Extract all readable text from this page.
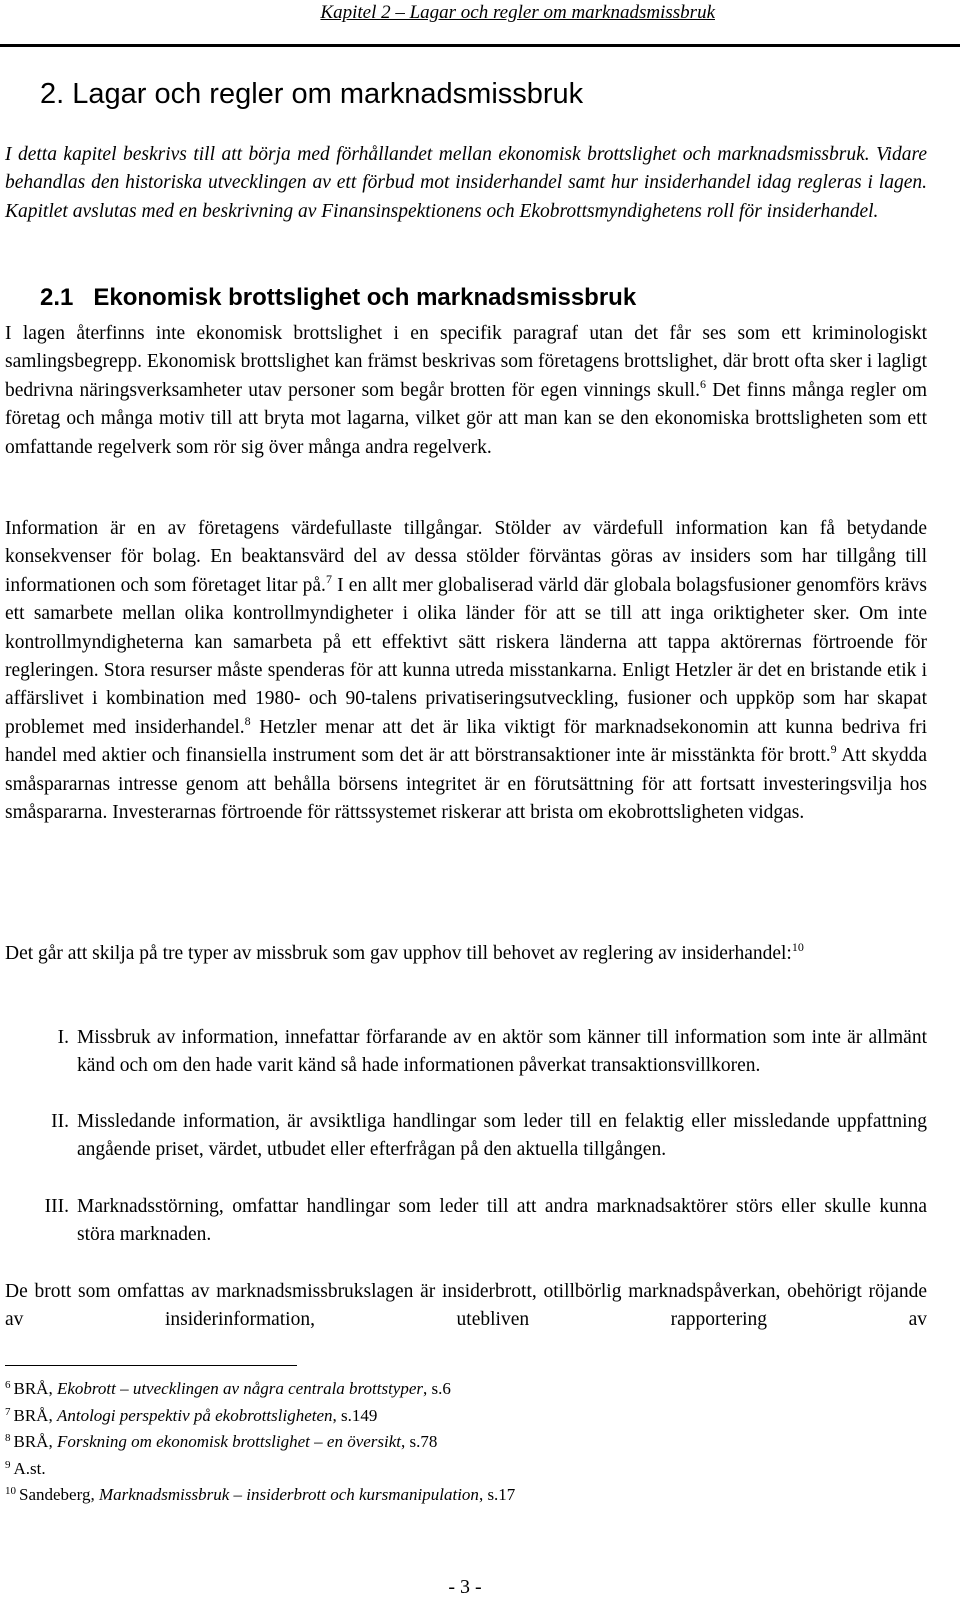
Kapitel 2 – Lagar och regler om marknadsmissbruk
2. Lagar och regler om marknadsmissbruk
I detta kapitel beskrivs till att börja med förhållandet mellan ekonomisk brottslighet och marknadsmissbruk. Vidare behandlas den historiska utvecklingen av ett förbud mot insiderhandel samt hur insiderhandel idag regleras i lagen. Kapitlet avslutas med en beskrivning av Finansinspektionens och Ekobrottsmyndighetens roll för insiderhandel.
2.1 Ekonomisk brottslighet och marknadsmissbruk
I lagen återfinns inte ekonomisk brottslighet i en specifik paragraf utan det får ses som ett kriminologiskt samlingsbegrepp. Ekonomisk brottslighet kan främst beskrivas som företagens brottslighet, där brott ofta sker i lagligt bedrivna näringsverksamheter utav personer som begår brotten för egen vinnings skull.$^6$ Det finns många regler om företag och många motiv till att bryta mot lagarna, vilket gör att man kan se den ekonomiska brottsligheten som ett omfattande regelverk som rör sig över många andra regelverk.
Information är en av företagens värdefullaste tillgångar. Stölder av värdefull information kan få betydande konsekvenser för bolag. En beaktansvärd del av dessa stölder förväntas göras av insiders som har tillgång till informationen och som företaget litar på.$^7$ I en allt mer globaliserad värld där globala bolagsfusioner genomförs krävs ett samarbete mellan olika kontrollmyndigheter i olika länder för att se till att inga oriktigheter sker. Om inte kontrollmyndigheterna kan samarbeta på ett effektivt sätt riskera länderna att tappa aktörernas förtroende för regleringen. Stora resurser måste spenderas för att kunna utreda misstankarna. Enligt Hetzler är det en bristande etik i affärslivet i kombination med 1980- och 90-talens privatiseringsutveckling, fusioner och uppköp som har skapat problemet med insiderhandel.$^8$ Hetzler menar att det är lika viktigt för marknadsekonomin att kunna bedriva fri handel med aktier och finansiella instrument som det är att börstransaktioner inte är misstänkta för brott.$^9$ Att skydda småspararnas intresse genom att behålla börsens integritet är en förutsättning för att fortsatt investeringsvilja hos småspararna. Investerarnas förtroende för rättssystemet riskerar att brista om ekobrottsligheten vidgas.
Det går att skilja på tre typer av missbruk som gav upphov till behovet av reglering av insiderhandel:$^{10}$
I. Missbruk av information, innefattar förfarande av en aktör som känner till information som inte är allmänt känd och om den hade varit känd så hade informationen påverkat transaktionsvillkoren.
II. Missledande information, är avsiktliga handlingar som leder till en felaktig eller missledande uppfattning angående priset, värdet, utbudet eller efterfrågan på den aktuella tillgången.
III. Marknadsstörning, omfattar handlingar som leder till att andra marknadsaktörer störs eller skulle kunna störa marknaden.
De brott som omfattas av marknadsmissbrukslagen är insiderbrott, otillbörlig marknadspåverkan, obehörigt röjande av insiderinformation, utebliven rapportering av
$^6$ BRÅ, Ekobrott – utvecklingen av några centrala brottstyper, s.6
$^7$ BRÅ, Antologi perspektiv på ekobrottsligheten, s.149
$^8$ BRÅ, Forskning om ekonomisk brottslighet – en översikt, s.78
$^9$ A.st.
$^{10}$ Sandeberg, Marknadsmissbruk – insiderbrott och kursmanipulation, s.17
- 3 -
